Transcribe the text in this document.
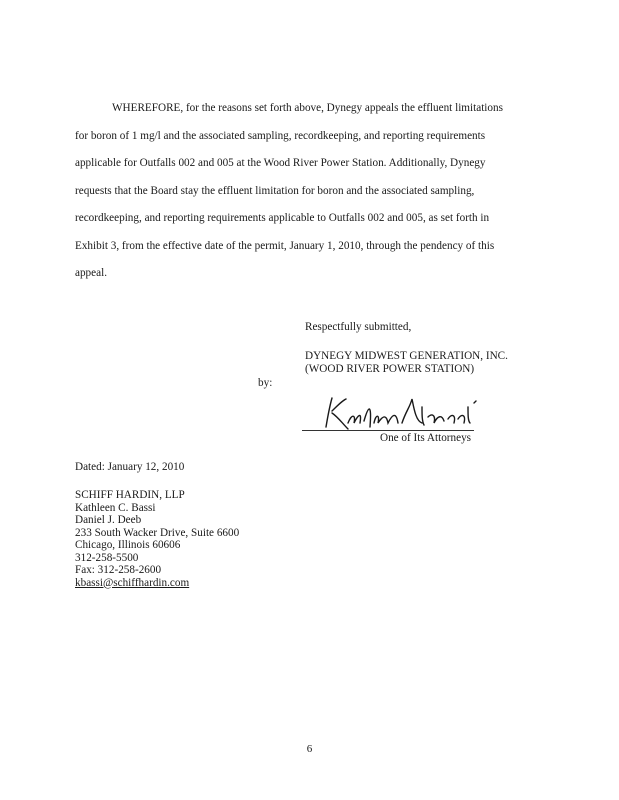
WHEREFORE, for the reasons set forth above, Dynegy appeals the effluent limitations
for boron of 1 mg/l and the associated sampling, recordkeeping, and reporting requirements
applicable for Outfalls 002 and 005 at the Wood River Power Station. Additionally, Dynegy
requests that the Board stay the effluent limitation for boron and the associated sampling,
recordkeeping, and reporting requirements applicable to Outfalls 002 and 005, as set forth in
Exhibit 3, from the effective date of the permit, January 1, 2010, through the pendency of this
appeal.

Respectfully submitted,

DYNEGY MIDWEST GENERATION, INC.
(WOOD RIVER POWER STATION)

by:

One of Its Attorneys

Dated: January 12, 2010

SCHIFF HARDIN, LLP
Kathleen C. Bassi
Daniel J. Deeb
233 South Wacker Drive, Suite 6600
Chicago, Illinois 60606
312-258-5500
Fax: 312-258-2600
kbassi@schiffhardin.com

6
